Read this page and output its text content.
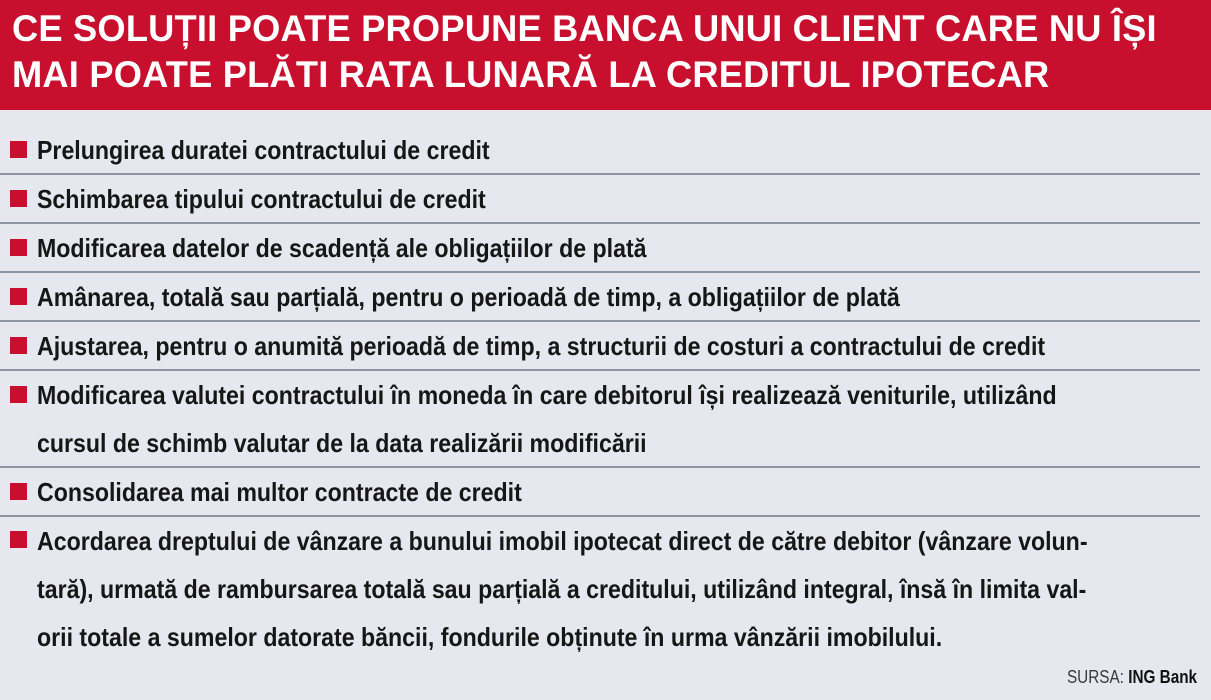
CE SOLUȚII POATE PROPUNE BANCA UNUI CLIENT CARE NU ÎȘI
MAI POATE PLĂTI RATA LUNARĂ LA CREDITUL IPOTECAR
Prelungirea duratei contractului de credit
Schimbarea tipului contractului de credit
Modificarea datelor de scadență ale obligațiilor de plată
Amânarea, totală sau parțială, pentru o perioadă de timp, a obligațiilor de plată
Ajustarea, pentru o anumită perioadă de timp, a structurii de costuri a contractului de credit
Modificarea valutei contractului în moneda în care debitorul își realizează veniturile, utilizând
cursul de schimb valutar de la data realizării modificării
Consolidarea mai multor contracte de credit
Acordarea dreptului de vânzare a bunului imobil ipotecat direct de către debitor (vânzare volun-
tară), urmată de rambursarea totală sau parțială a creditului, utilizând integral, însă în limita val-
orii totale a sumelor datorate băncii, fondurile obținute în urma vânzării imobilului.
SURSA: ING Bank
